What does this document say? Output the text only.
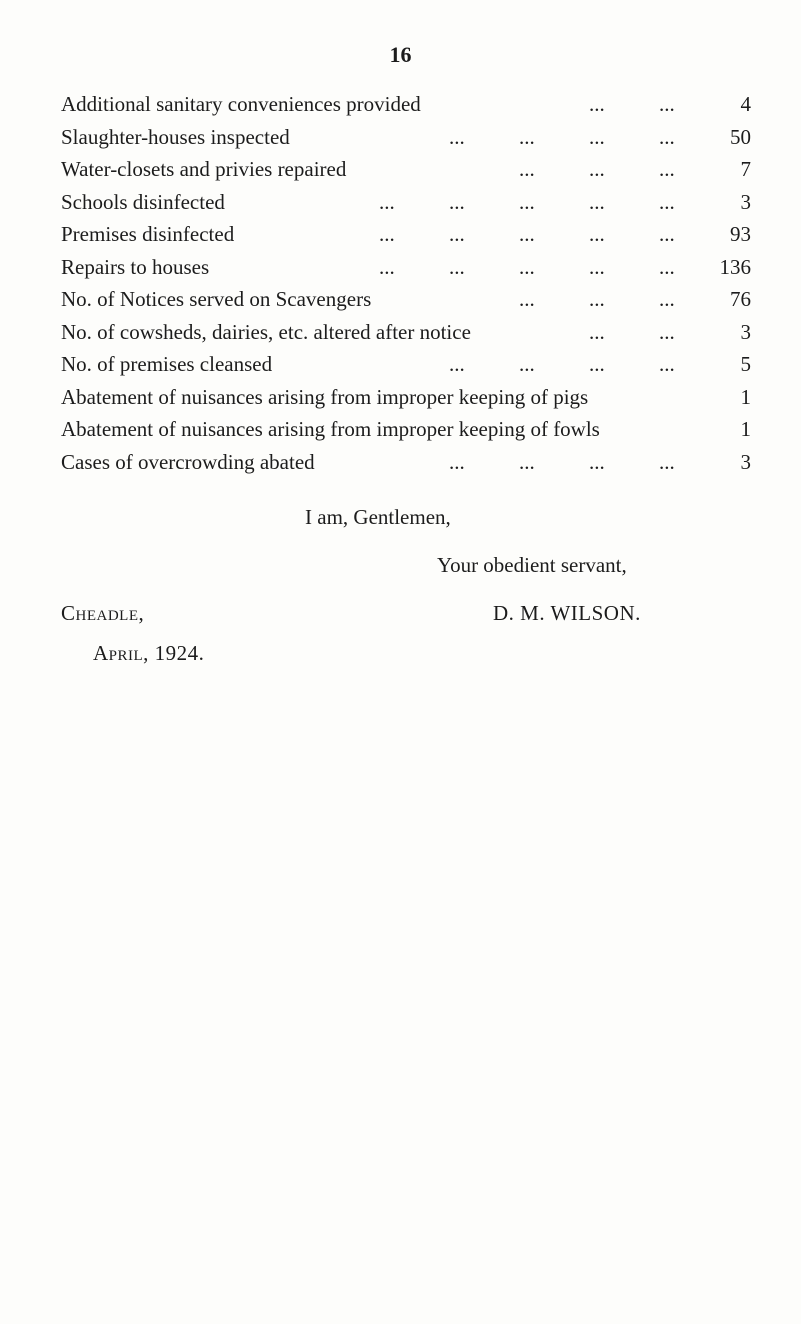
16
Additional sanitary conveniences provided	...	...	4
Slaughter-houses inspected	...	...	...	...	50
Water-closets and privies repaired	...	...	...	7
Schools disinfected	...	...	...	...	...	3
Premises disinfected	...	...	...	...	...	93
Repairs to houses	...	...	...	...	... 136
No. of Notices served on Scavengers	...	...	...	76
No. of cowsheds, dairies, etc. altered after notice	...	...	3
No. of premises cleansed	...	...	...	...	5
Abatement of nuisances arising from improper keeping of pigs	1
Abatement of nuisances arising from improper keeping of fowls	1
Cases of overcrowding abated	...	...	...	...	3
I am, Gentlemen,
Your obedient servant,
Cheadle,	D. M. WILSON.
April, 1924.
